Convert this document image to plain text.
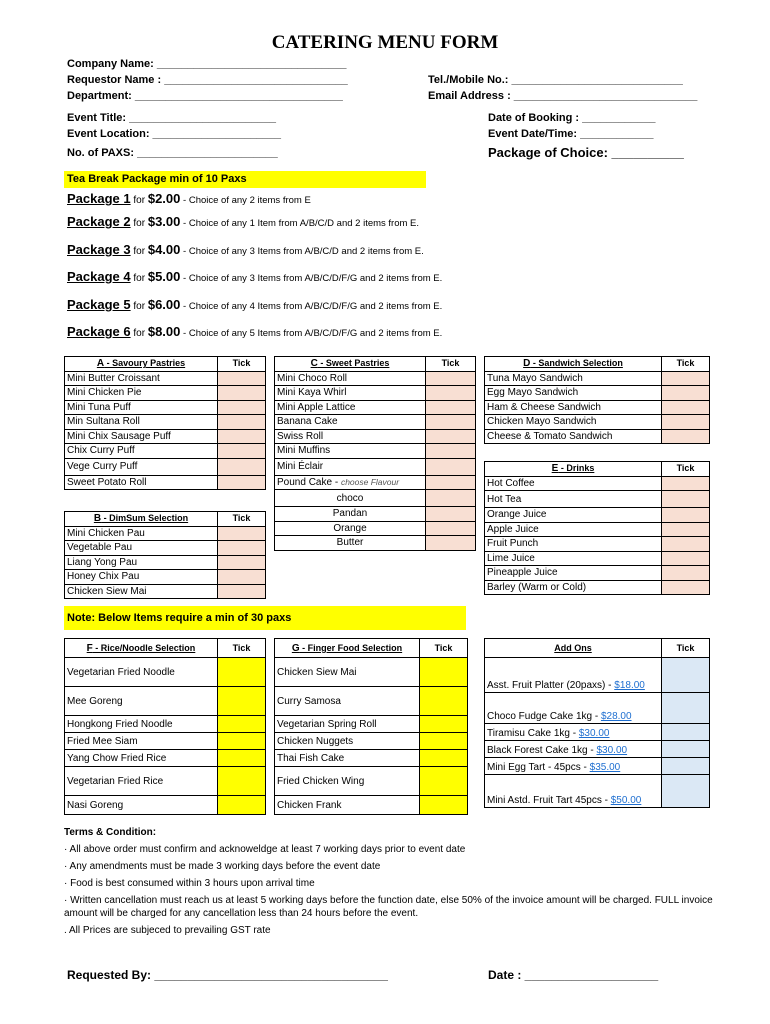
CATERING MENU FORM
Company Name: _______________________________
Requestor Name : ______________________________
Department: __________________________________
Tel./Mobile No.: ____________________________
Email Address : ______________________________
Event Title: ________________________
Event Location: _____________________
No. of PAXS: _______________________
Date of Booking : ____________
Event Date/Time: ____________
Package of Choice: __________
Tea Break Package min of 10 Paxs
Package 1 for $2.00 - Choice of any 2 items from E
Package 2 for $3.00 - Choice of any 1 Item from A/B/C/D and 2 items from E.
Package 3 for $4.00 - Choice of any 3 Items from A/B/C/D and 2 items from E.
Package 4 for $5.00 - Choice of any 3 Items from A/B/C/D/F/G and 2 items from E.
Package 5 for $6.00 - Choice of any 4 Items from A/B/C/D/F/G and 2 items from E.
Package 6 for $8.00 - Choice of any 5 Items from A/B/C/D/F/G and 2 items from E.
A - Savoury Pastries	Tick
Mini Butter Croissant	
Mini Chicken Pie	
Mini Tuna Puff	
Min Sultana Roll	
Mini Chix Sausage Puff	
Chix Curry Puff	
Vege Curry Puff	
Sweet Potato Roll	
B - DimSum Selection	Tick
Mini Chicken Pau	
Vegetable Pau	
Liang Yong Pau	
Honey Chix Pau	
Chicken Siew Mai	
C - Sweet Pastries	Tick
Mini Choco Roll	
Mini Kaya Whirl	
Mini Apple Lattice	
Banana Cake	
Swiss Roll	
Mini Muffins	
Mini Éclair	
Pound Cake - choose Flavour	
choco	
Pandan	
Orange	
Butter	
D - Sandwich Selection	Tick
Tuna Mayo Sandwich	
Egg Mayo Sandwich	
Ham & Cheese Sandwich	
Chicken Mayo Sandwich	
Cheese & Tomato Sandwich	
E - Drinks	Tick
Hot Coffee	
Hot Tea	
Orange Juice	
Apple Juice	
Fruit Punch	
Lime Juice	
Pineapple Juice	
Barley (Warm or Cold)	
Note: Below Items require a min of 30 paxs
F - Rice/Noodle Selection	Tick
Vegetarian Fried Noodle	
Mee Goreng	
Hongkong Fried Noodle	
Fried Mee Siam	
Yang Chow Fried Rice	
Vegetarian Fried Rice	
Nasi Goreng	
G - Finger Food Selection	Tick
Chicken Siew Mai	
Curry Samosa	
Vegetarian Spring Roll	
Chicken Nuggets	
Thai Fish Cake	
Fried Chicken Wing	
Chicken Frank	
Add Ons	Tick
Asst. Fruit Platter (20paxs) - $18.00	
Choco Fudge Cake 1kg - $28.00	
Tiramisu Cake 1kg - $30.00	
Black Forest Cake 1kg - $30.00	
Mini Egg Tart - 45pcs - $35.00	
Mini Astd. Fruit Tart 45pcs - $50.00	
Terms & Condition:
· All above order must confirm and acknoweldge at least 7 working days prior to event date
· Any amendments must be made 3 working days before the event date
· Food is best consumed within 3 hours upon arrival time
· Written cancellation must reach us at least 5 working days before the function date, else 50% of the invoice amount will be charged. FULL invoice amount will be charged for any cancellation less than 24 hours before the event.
. All Prices are subjeced to prevailing GST rate
Requested By: ___________________________________	Date : ____________________
